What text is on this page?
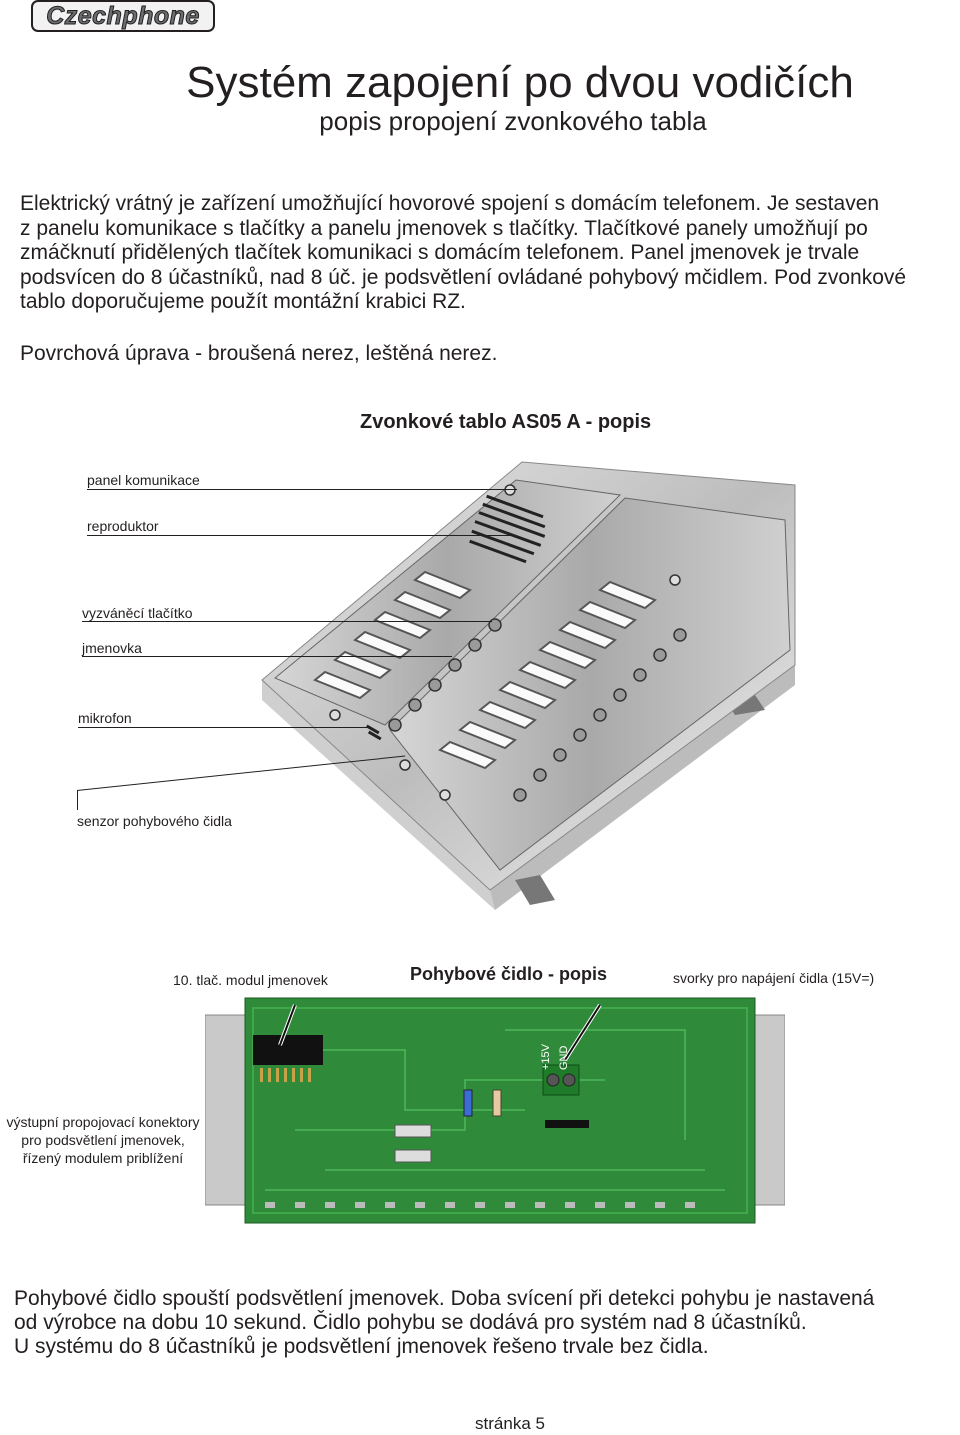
Czechphone
Systém zapojení po dvou vodičích
popis propojení zvonkového tabla

Elektrický vrátný je zařízení umožňující hovorové spojení s domácím telefonem. Je sestaven

z panelu komunikace s tlačítky a panelu jmenovek s tlačítky. Tlačítkové panely umožňují po

zmáčknutí přidělených tlačítek komunikaci s domácím telefonem. Panel jmenovek je trvale

podsvícen do 8 účastníků, nad 8 úč. je podsvětlení ovládané pohybový mčidlem. Pod zvonkové

tablo doporučujeme použít montážní krabici RZ.

Povrchová úprava - broušená nerez, leštěná nerez.
Zvonkové tablo AS05 A - popis
panel komunikace
reproduktor
vyzváněcí tlačítko
jmenovka
mikrofon
senzor pohybového čidla
Pohybové čidlo - popis
10. tlač. modul jmenovek	svorky pro napájení čidla (15V=)
+15V GND
výstupní propojovací konektory
pro podsvětlení jmenovek,
řízený modulem priblížení

Pohybové čidlo spouští podsvětlení jmenovek. Doba svícení při detekci pohybu je nastavená

od výrobce na dobu 10 sekund. Čidlo pohybu se dodává pro systém nad 8 účastníků.

U systému do 8 účastníků je podsvětlení jmenovek řešeno trvale bez čidla.

stránka 5
